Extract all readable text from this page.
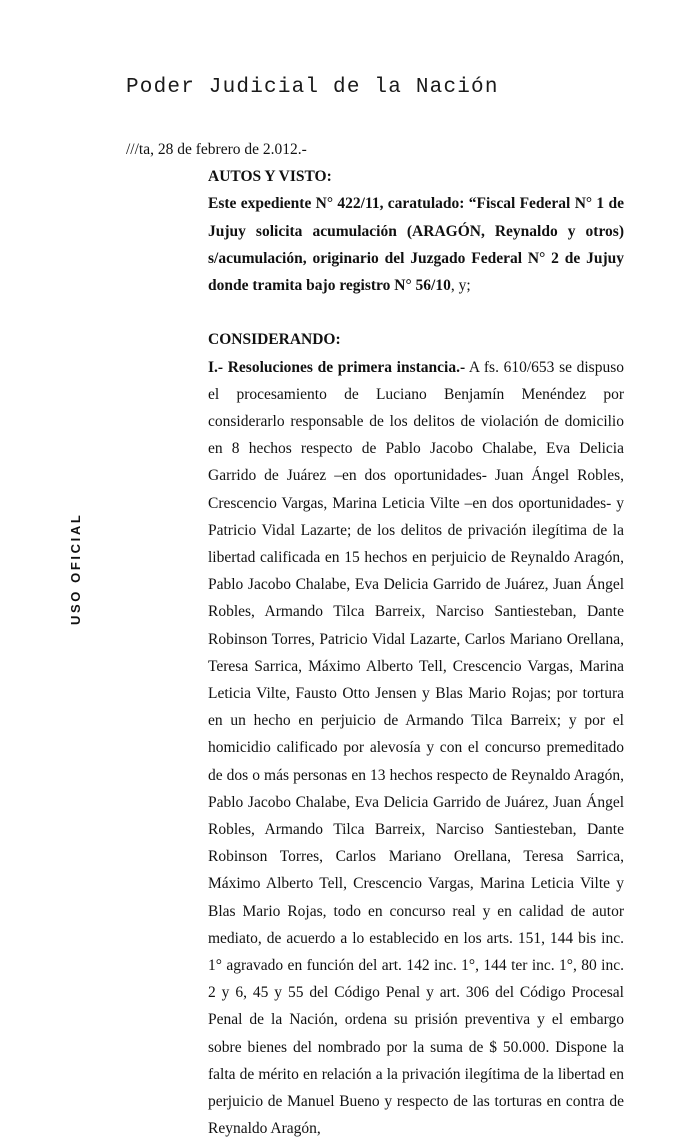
Poder Judicial de la Nación
USO OFICIAL

///ta, 28 de febrero de 2.012.-

AUTOS Y VISTO:

Este expediente N° 422/11, caratulado: “Fiscal Federal N° 1 de Jujuy solicita acumulación (ARAGÓN, Reynaldo y otros) s/acumulación, originario del Juzgado Federal N° 2 de Jujuy donde tramita bajo registro N° 56/10, y;

CONSIDERANDO:

I.- Resoluciones de primera instancia.- A fs. 610/653 se dispuso el procesamiento de Luciano Benjamín Menéndez por considerarlo responsable de los delitos de violación de domicilio en 8 hechos respecto de Pablo Jacobo Chalabe, Eva Delicia Garrido de Juárez –en dos oportunidades- Juan Ángel Robles, Crescencio Vargas, Marina Leticia Vilte –en dos oportunidades- y Patricio Vidal Lazarte; de los delitos de privación ilegítima de la libertad calificada en 15 hechos en perjuicio de Reynaldo Aragón, Pablo Jacobo Chalabe, Eva Delicia Garrido de Juárez, Juan Ángel Robles, Armando Tilca Barreix, Narciso Santiesteban, Dante Robinson Torres, Patricio Vidal Lazarte, Carlos Mariano Orellana, Teresa Sarrica, Máximo Alberto Tell, Crescencio Vargas, Marina Leticia Vilte, Fausto Otto Jensen y Blas Mario Rojas; por tortura en un hecho en perjuicio de Armando Tilca Barreix; y por el homicidio calificado por alevosía y con el concurso premeditado de dos o más personas en 13 hechos respecto de Reynaldo Aragón, Pablo Jacobo Chalabe, Eva Delicia Garrido de Juárez, Juan Ángel Robles, Armando Tilca Barreix, Narciso Santiesteban, Dante Robinson Torres, Carlos Mariano Orellana, Teresa Sarrica, Máximo Alberto Tell, Crescencio Vargas, Marina Leticia Vilte y Blas Mario Rojas, todo en concurso real y en calidad de autor mediato, de acuerdo a lo establecido en los arts. 151, 144 bis inc. 1° agravado en función del art. 142 inc. 1°, 144 ter inc. 1°, 80 inc. 2 y 6, 45 y 55 del Código Penal y art. 306 del Código Procesal Penal de la Nación, ordena su prisión preventiva y el embargo sobre bienes del nombrado por la suma de $ 50.000. Dispone la falta de mérito en relación a la privación ilegítima de la libertad en perjuicio de Manuel Bueno y respecto de las torturas en contra de Reynaldo Aragón,
